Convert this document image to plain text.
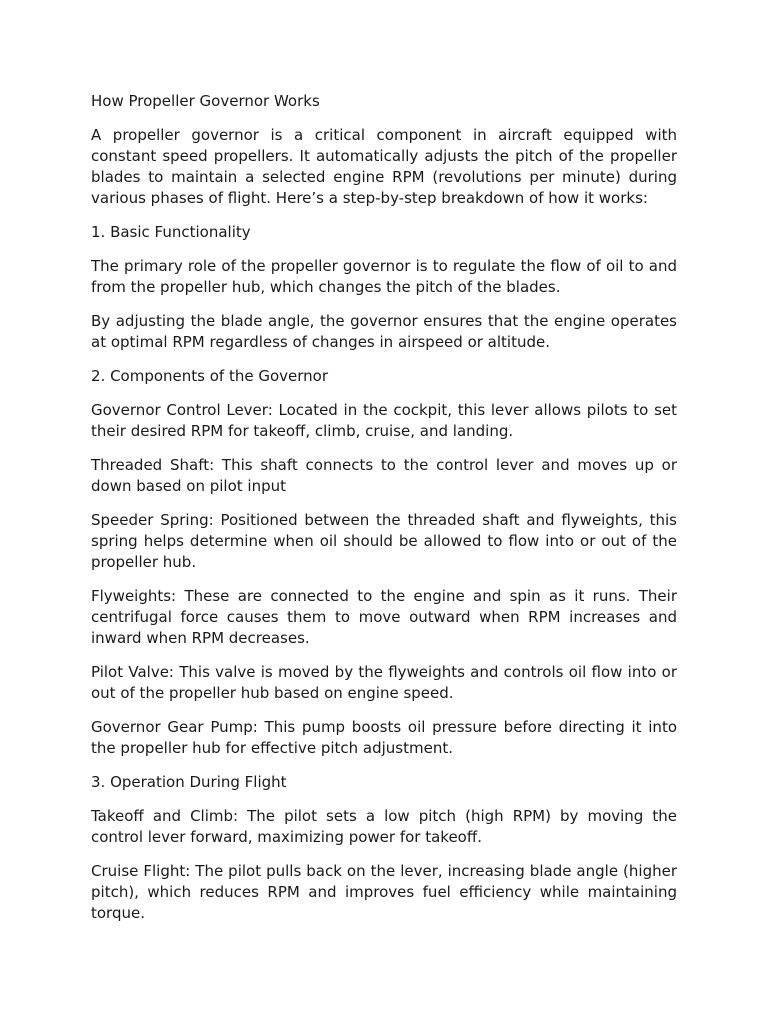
How Propeller Governor Works

A propeller governor is a critical component in aircraft equipped with constant speed propellers. It automatically adjusts the pitch of the propeller blades to maintain a selected engine RPM (revolutions per minute) during various phases of flight. Here’s a step-by-step breakdown of how it works:

1. Basic Functionality

The primary role of the propeller governor is to regulate the flow of oil to and from the propeller hub, which changes the pitch of the blades.

By adjusting the blade angle, the governor ensures that the engine operates at optimal RPM regardless of changes in airspeed or altitude.

2. Components of the Governor

Governor Control Lever: Located in the cockpit, this lever allows pilots to set their desired RPM for takeoff, climb, cruise, and landing.

Threaded Shaft: This shaft connects to the control lever and moves up or down based on pilot input

Speeder Spring: Positioned between the threaded shaft and flyweights, this spring helps determine when oil should be allowed to flow into or out of the propeller hub.

Flyweights: These are connected to the engine and spin as it runs. Their centrifugal force causes them to move outward when RPM increases and inward when RPM decreases.

Pilot Valve: This valve is moved by the flyweights and controls oil flow into or out of the propeller hub based on engine speed.

Governor Gear Pump: This pump boosts oil pressure before directing it into the propeller hub for effective pitch adjustment.

3. Operation During Flight

Takeoff and Climb: The pilot sets a low pitch (high RPM) by moving the control lever forward, maximizing power for takeoff.

Cruise Flight: The pilot pulls back on the lever, increasing blade angle (higher pitch), which reduces RPM and improves fuel efficiency while maintaining torque.
